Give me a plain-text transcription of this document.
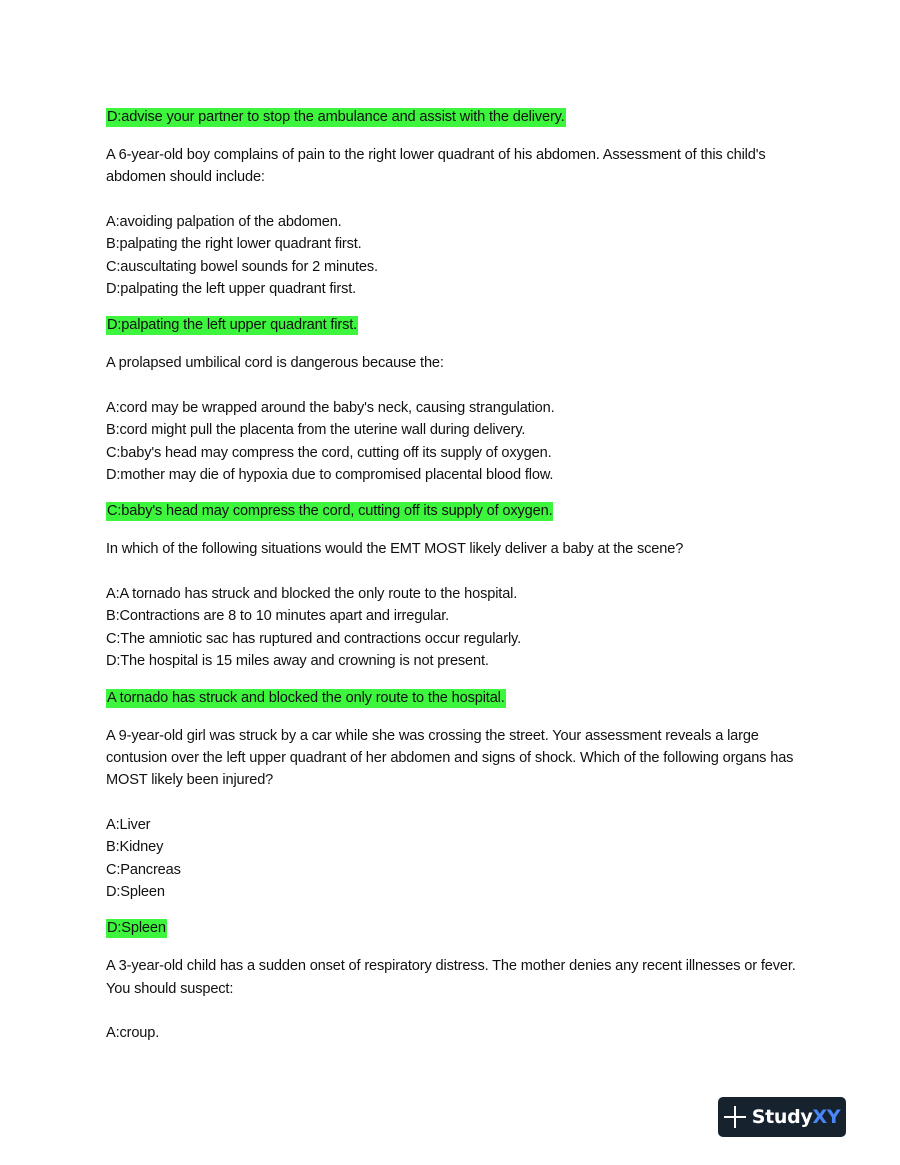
D:advise your partner to stop the ambulance and assist with the delivery.
A 6-year-old boy complains of pain to the right lower quadrant of his abdomen. Assessment of this child's abdomen should include:
A:avoiding palpation of the abdomen.
B:palpating the right lower quadrant first.
C:auscultating bowel sounds for 2 minutes.
D:palpating the left upper quadrant first.
D:palpating the left upper quadrant first.
A prolapsed umbilical cord is dangerous because the:
A:cord may be wrapped around the baby's neck, causing strangulation.
B:cord might pull the placenta from the uterine wall during delivery.
C:baby's head may compress the cord, cutting off its supply of oxygen.
D:mother may die of hypoxia due to compromised placental blood flow.
C:baby's head may compress the cord, cutting off its supply of oxygen.
In which of the following situations would the EMT MOST likely deliver a baby at the scene?
A:A tornado has struck and blocked the only route to the hospital.
B:Contractions are 8 to 10 minutes apart and irregular.
C:The amniotic sac has ruptured and contractions occur regularly.
D:The hospital is 15 miles away and crowning is not present.
A tornado has struck and blocked the only route to the hospital.
A 9-year-old girl was struck by a car while she was crossing the street. Your assessment reveals a large contusion over the left upper quadrant of her abdomen and signs of shock. Which of the following organs has MOST likely been injured?
A:Liver
B:Kidney
C:Pancreas
D:Spleen
D:Spleen
A 3-year-old child has a sudden onset of respiratory distress. The mother denies any recent illnesses or fever. You should suspect:
A:croup.
StudyXY
